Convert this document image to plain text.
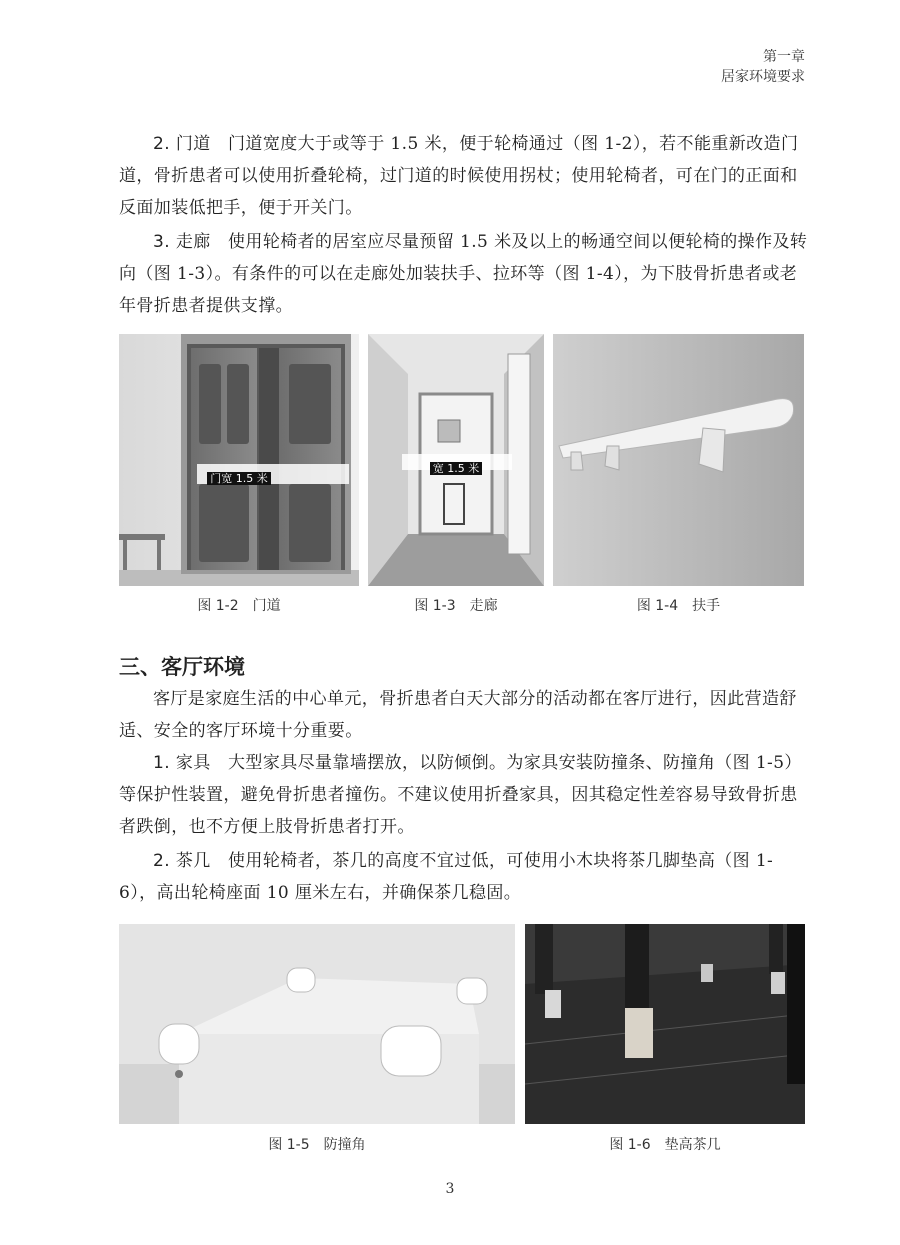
第一章
居家环境要求
2. 门道　 门道宽度大于或等于 1.5 米，便于轮椅通过（图 1-2），若不能重新改造门道，骨折患者可以使用折叠轮椅，过门道的时候使用拐杖；使用轮椅者，可在门的正面和反面加装低把手，便于开关门。
3. 走廊　 使用轮椅者的居室应尽量预留 1.5 米及以上的畅通空间以便轮椅的操作及转向（图 1-3）。有条件的可以在走廊处加装扶手、拉环等（图 1-4），为下肢骨折患者或老年骨折患者提供支撑。
门宽 1.5 米
宽 1.5 米
图 1-2　门道	图 1-3　走廊	图 1-4　扶手
三、客厅环境
客厅是家庭生活的中心单元，骨折患者白天大部分的活动都在客厅进行，因此营造舒适、安全的客厅环境十分重要。
1. 家具　 大型家具尽量靠墙摆放，以防倾倒。为家具安装防撞条、防撞角（图 1-5）等保护性装置，避免骨折患者撞伤。不建议使用折叠家具，因其稳定性差容易导致骨折患者跌倒，也不方便上肢骨折患者打开。
2. 茶几　 使用轮椅者，茶几的高度不宜过低，可使用小木块将茶几脚垫高（图 1-6），高出轮椅座面 10 厘米左右，并确保茶几稳固。
图 1-5　防撞角	图 1-6　垫高茶几
3
